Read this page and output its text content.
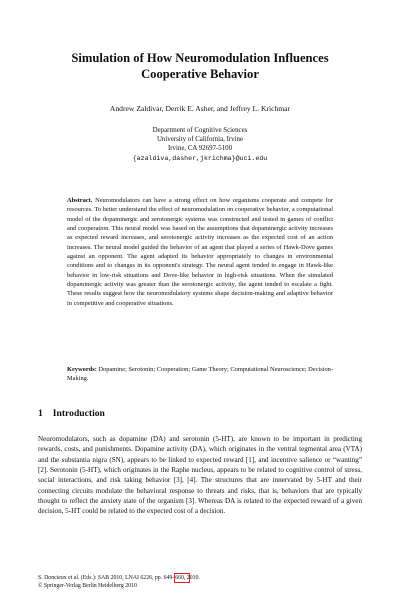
Simulation of How Neuromodulation Influences
Cooperative Behavior

Andrew Zaldivar, Derrik E. Asher, and Jeffrey L. Krichmar

Department of Cognitive Sciences
University of California, Irvine
Irvine, CA 92697-5100
{azaldiva,dasher,jkrichma}@uci.edu

Abstract. Neuromodulators can have a strong effect on how organisms cooperate and compete for resources. To better understand the effect of neuromodulation on cooperative behavior, a computational model of the dopaminergic and serotonergic systems was constructed and tested in games of conflict and cooperation. This neural model was based on the assumptions that dopaminergic activity increases as expected reward increases, and serotonergic activity increases as the expected cost of an action increases. The neural model guided the behavior of an agent that played a series of Hawk-Dove games against an opponent. The agent adapted its behavior appropriately to changes in environmental conditions and to changes in its opponent's strategy. The neural agent tended to engage in Hawk-like behavior in low-risk situations and Dove-like behavior in high-risk situations. When the simulated dopaminergic activity was greater than the serotonergic activity, the agent tended to escalate a fight. These results suggest how the neuromodulatory systems shape decision-making and adaptive behavior in competitive and cooperative situations.

Keywords: Dopamine; Serotonin; Cooperation; Game Theory; Computational Neuroscience; Decision-Making.

1 Introduction

Neuromodulators, such as dopamine (DA) and serotonin (5-HT), are known to be important in predicting rewards, costs, and punishments. Dopamine activity (DA), which originates in the ventral tegmental area (VTA) and the substantia nigra (SN), appears to be linked to expected reward [1], and incentive salience or “wanting” [2]. Serotonin (5-HT), which originates in the Raphe nucleus, appears to be related to cognitive control of stress, social interactions, and risk taking behavior [3], [4]. The structures that are innervated by 5-HT and their connecting circuits modulate the behavioral response to threats and risks, that is, behaviors that are typically thought to reflect the anxiety state of the organism [3]. Whereas DA is related to the expected reward of a given decision, 5-HT could be related to the expected cost of a decision.

S. Doncieux et al. (Eds.): SAB 2010, LNAI 6226, pp. 649–
660, 2010.
© Springer-Verlag Berlin Heidelberg 2010
